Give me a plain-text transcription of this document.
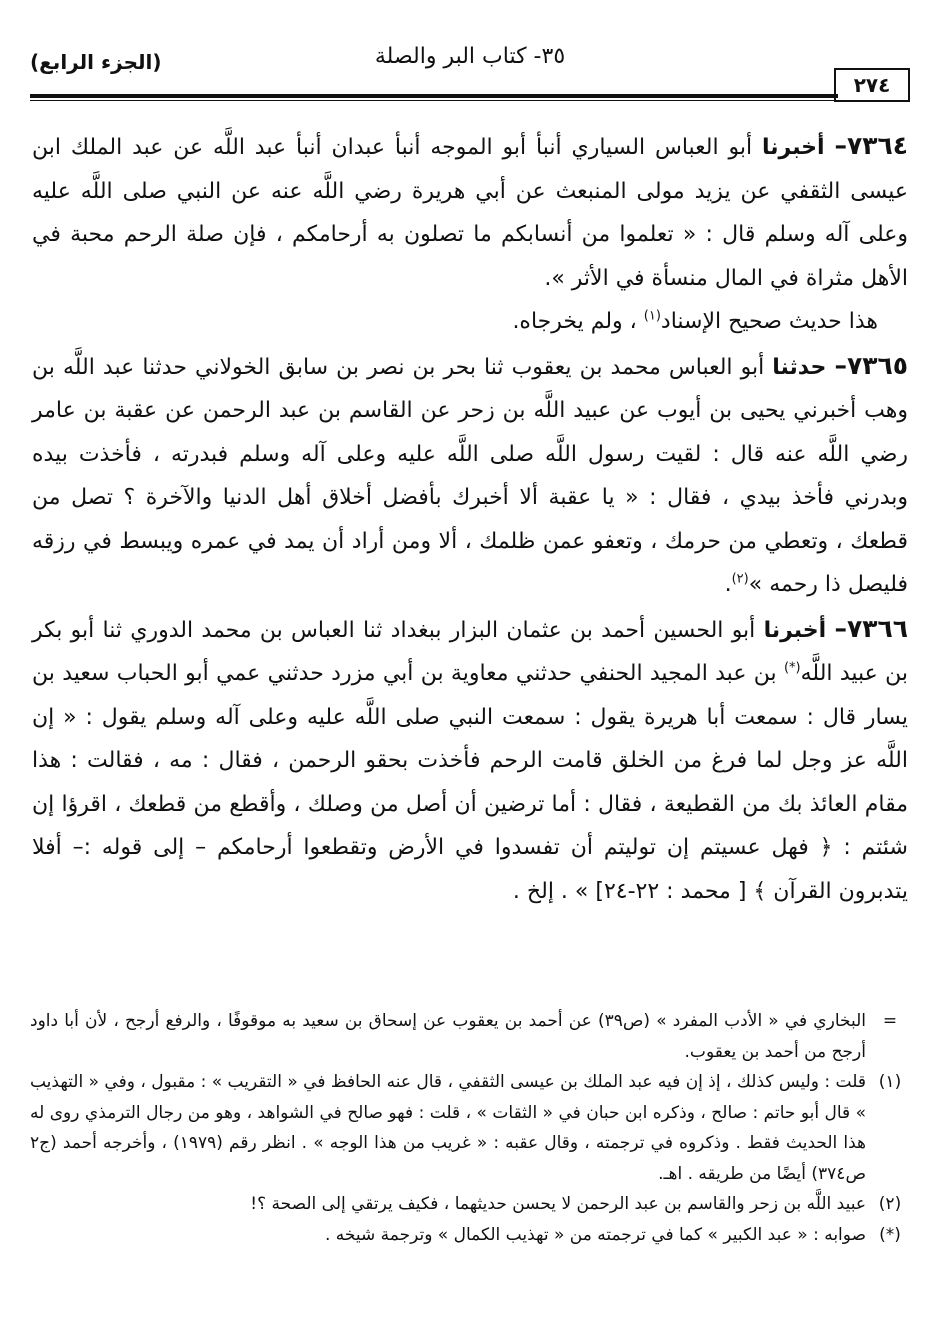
٢٧٤
٣٥- كتاب البر والصلة
(الجزء الرابع)

٧٣٦٤– أخبرنا أبو العباس السياري أنبأ أبو الموجه أنبأ عبدان أنبأ عبد اللَّه عن عبد الملك ابن عيسى الثقفي عن يزيد مولى المنبعث عن أبي هريرة رضي اللَّه عنه عن النبي صلى اللَّه عليه وعلى آله وسلم قال : « تعلموا من أنسابكم ما تصلون به أرحامكم ، فإن صلة الرحم محبة في الأهل مثراة في المال منسأة في الأثر ».

هذا حديث صحيح الإسناد$^{(١)}$ ، ولم يخرجاه.

٧٣٦٥– حدثنا أبو العباس محمد بن يعقوب ثنا بحر بن نصر بن سابق الخولاني حدثنا عبد اللَّه بن وهب أخبرني يحيى بن أيوب عن عبيد اللَّه بن زحر عن القاسم بن عبد الرحمن عن عقبة بن عامر رضي اللَّه عنه قال : لقيت رسول اللَّه صلى اللَّه عليه وعلى آله وسلم فبدرته ، فأخذت بيده وبدرني فأخذ بيدي ، فقال : « يا عقبة ألا أخبرك بأفضل أخلاق أهل الدنيا والآخرة ؟ تصل من قطعك ، وتعطي من حرمك ، وتعفو عمن ظلمك ، ألا ومن أراد أن يمد في عمره ويبسط في رزقه فليصل ذا رحمه »$^{(٢)}$.

٧٣٦٦– أخبرنا أبو الحسين أحمد بن عثمان البزار ببغداد ثنا العباس بن محمد الدوري ثنا أبو بكر بن عبيد اللَّه(*) بن عبد المجيد الحنفي حدثني معاوية بن أبي مزرد حدثني عمي أبو الحباب سعيد بن يسار قال : سمعت أبا هريرة يقول : سمعت النبي صلى اللَّه عليه وعلى آله وسلم يقول : « إن اللَّه عز وجل لما فرغ من الخلق قامت الرحم فأخذت بحقو الرحمن ، فقال : مه ، فقالت : هذا مقام العائذ بك من القطيعة ، فقال : أما ترضين أن أصل من وصلك ، وأقطع من قطعك ، اقرؤا إن شئتم : ﴿ فهل عسيتم إن توليتم أن تفسدوا في الأرض وتقطعوا أرحامكم – إلى قوله :– أفلا يتدبرون القرآن ﴾ [ محمد : ٢٢-٢٤] » . إلخ .

=
البخاري في « الأدب المفرد » (ص٣٩) عن أحمد بن يعقوب عن إسحاق بن سعيد به موقوفًا ، والرفع أرجح ، لأن أبا داود أرجح من أحمد بن يعقوب.

(١)
قلت : وليس كذلك ، إذ إن فيه عبد الملك بن عيسى الثقفي ، قال عنه الحافظ في « التقريب » : مقبول ، وفي « التهذيب » قال أبو حاتم : صالح ، وذكره ابن حبان في « الثقات » ، قلت : فهو صالح في الشواهد ، وهو من رجال الترمذي روى له هذا الحديث فقط . وذكروه في ترجمته ، وقال عقبه : « غريب من هذا الوجه » . انظر رقم (١٩٧٩) ، وأخرجه أحمد (ج٢ ص٣٧٤) أيضًا من طريقه . اهـ.

(٢)
عبيد اللَّه بن زحر والقاسم بن عبد الرحمن لا يحسن حديثهما ، فكيف يرتقي إلى الصحة ؟!

(*)
صوابه : « عبد الكبير » كما في ترجمته من « تهذيب الكمال » وترجمة شيخه .
